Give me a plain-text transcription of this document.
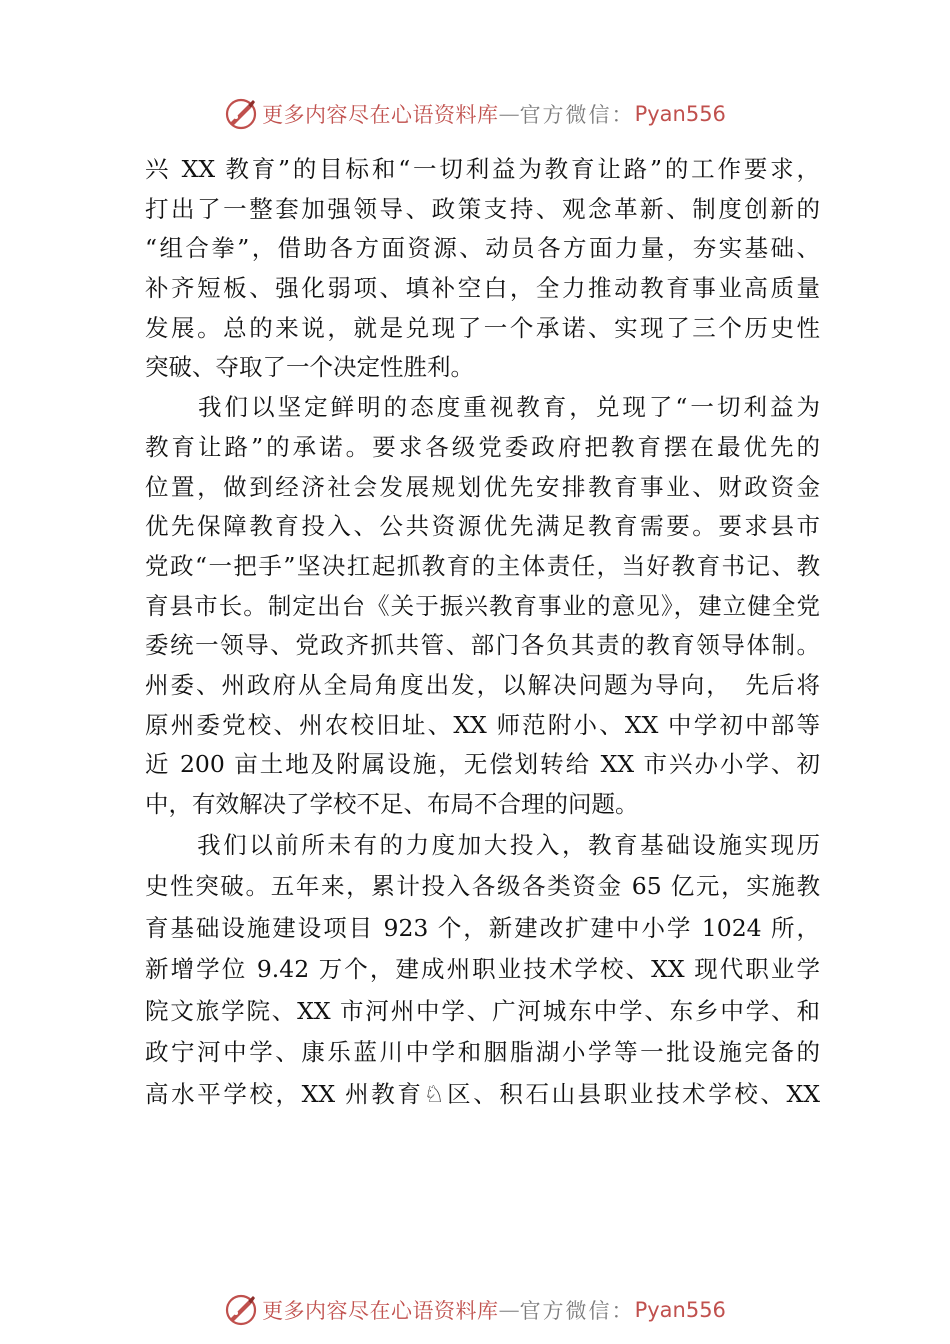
更多内容尽在心语资料库 — 官方微信： Pyan556
兴 XX 教育”的目标和“一切利益为教育让路”的工作要求，
打出了一整套加强领导、政策支持、观念革新、制度创新的
“组合拳”，借助各方面资源、动员各方面力量，夯实基础、
补齐短板、强化弱项、填补空白，全力推动教育事业高质量
发展。总的来说，就是兑现了一个承诺、实现了三个历史性
突破、夺取了一个决定性胜利。
　　我们以坚定鲜明的态度重视教育，兑现了“一切利益为
教育让路”的承诺。要求各级党委政府把教育摆在最优先的
位置，做到经济社会发展规划优先安排教育事业、财政资金
优先保障教育投入、公共资源优先满足教育需要。要求县市
党政“一把手”坚决扛起抓教育的主体责任，当好教育书记、教
育县市长。制定出台《关于振兴教育事业的意见》，建立健全党
委统一领导、党政齐抓共管、部门各负其责的教育领导体制。
州委、州政府从全局角度出发，以解决问题为导向，　先后将
原州委党校、州农校旧址、XX 师范附小、XX 中学初中部等
近 200 亩土地及附属设施，无偿划转给 XX 市兴办小学、初
中，有效解决了学校不足、布局不合理的问题。
　　我们以前所未有的力度加大投入，教育基础设施实现历
史性突破。五年来，累计投入各级各类资金 65 亿元，实施教
育基础设施建设项目 923 个，新建改扩建中小学 1024 所，
新增学位 9.42 万个，建成州职业技术学校、XX 现代职业学
院文旅学院、XX 市河州中学、广河城东中学、东乡中学、和
政宁河中学、康乐蓝川中学和胭脂湖小学等一批设施完备的
高水平学校，XX 州教育♘区、积石山县职业技术学校、XX
更多内容尽在心语资料库 — 官方微信： Pyan556
